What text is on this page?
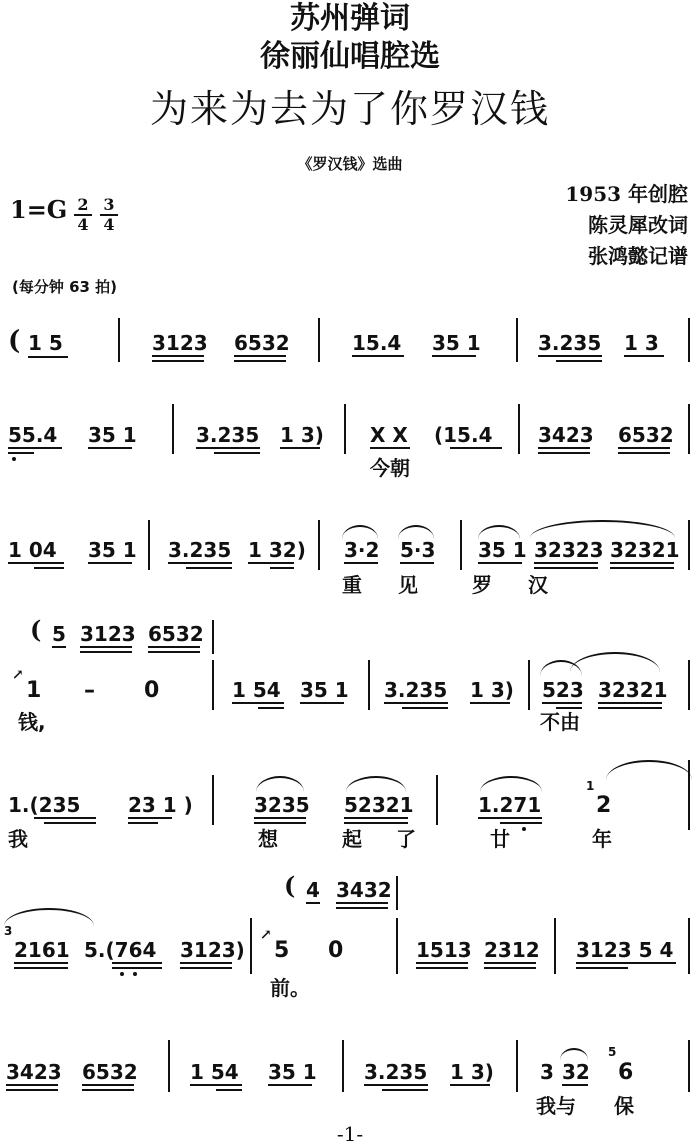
苏州弹词
徐丽仙唱腔选
为来为去为了你罗汉钱
《罗汉钱》选曲
$1=G \frac{2}{4} \frac{3}{4}$
1953 年创腔
陈灵犀改词
张鸿懿记谱
(每分钟 63 拍)
( 1 5	3123 6532	15.4 35 1	3.235 1 3
55.4 35 1	3.235 1 3) X X (15.4 3423 6532
今朝
1 04 35 1 3.235 1 32) 3·2 5·3 35 1 32323 32321
重 见	罗 汉
( 5 3123 6532
↗
1 – 0	1 54 35 1 3.235 1 3) 523 32321
钱,	不由
1.(235 23 1 )	3235 52321	1.271
1
2
我	想	起 了	廿	年
( 4 3432
3
2161 5.(764 3123)
↗
5 0	1513 2312 3123 5 4
前。
3423 6532	1 54 35 1 3.235 1 3) 3 32
5
6
我与 保
-1-
